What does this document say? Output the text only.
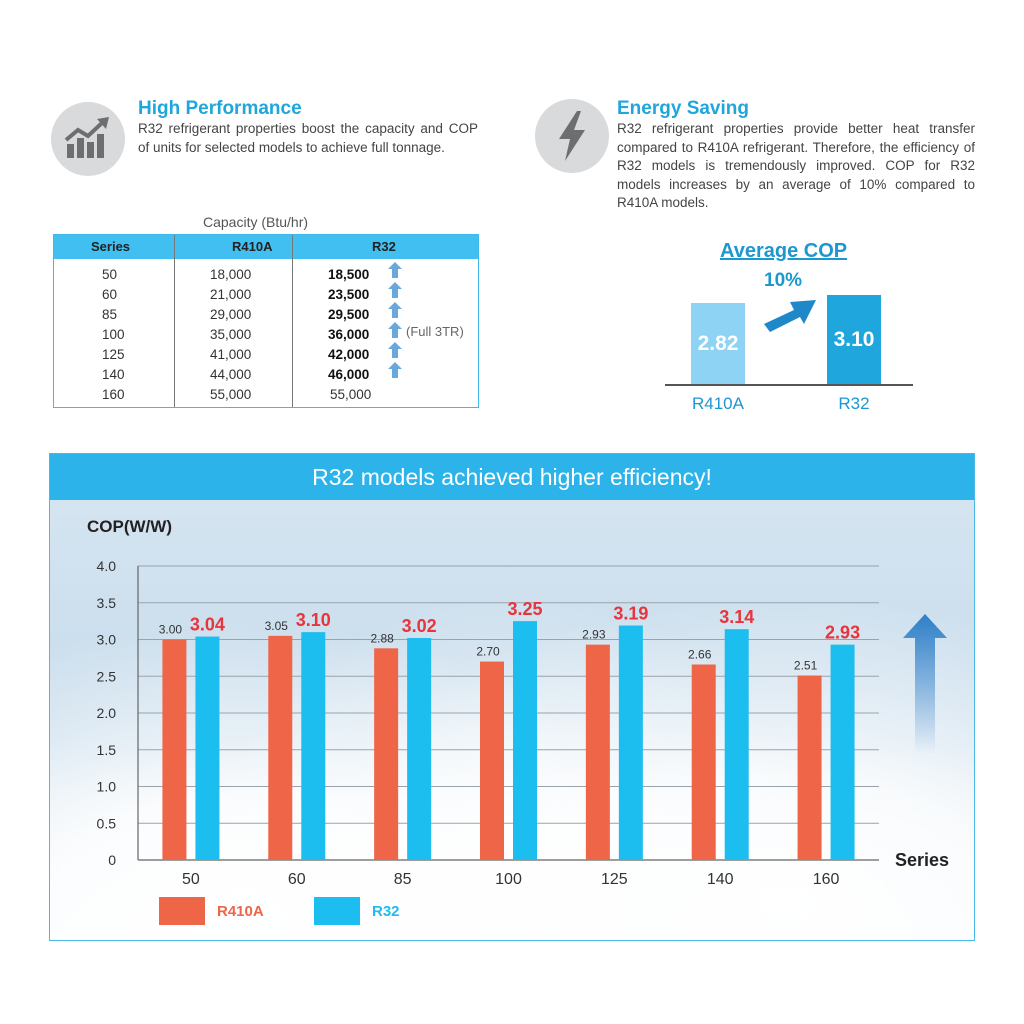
High Performance
R32 refrigerant properties boost the capacity and COP of units for selected models to achieve full tonnage.
Energy Saving
R32 refrigerant properties provide better heat transfer compared to R410A refrigerant. Therefore, the efficiency of R32 models is tremendously improved. COP for R32 models increases by an average of 10% compared to R410A models.
Capacity (Btu/hr)
Series	R410A	R32
50	18,000	18,500
60	21,000	23,500
85	29,000	29,500
100	35,000	36,000
125	41,000	42,000
140	44,000	46,000
160	55,000	55,000
(Full 3TR)
Average COP
10%
2.82
R410A
3.10
R32
R32 models achieved higher efficiency!
COP(W/W)
0
0.5
1.0
1.5
2.0
2.5
3.0
3.5
4.0
3.00 3.04
50
3.05 3.10
60
2.88
3.02
85
2.70
3.25
100
2.93
3.19
125
2.66
3.14
140
2.51
2.93
160
Series
R410A	R32
